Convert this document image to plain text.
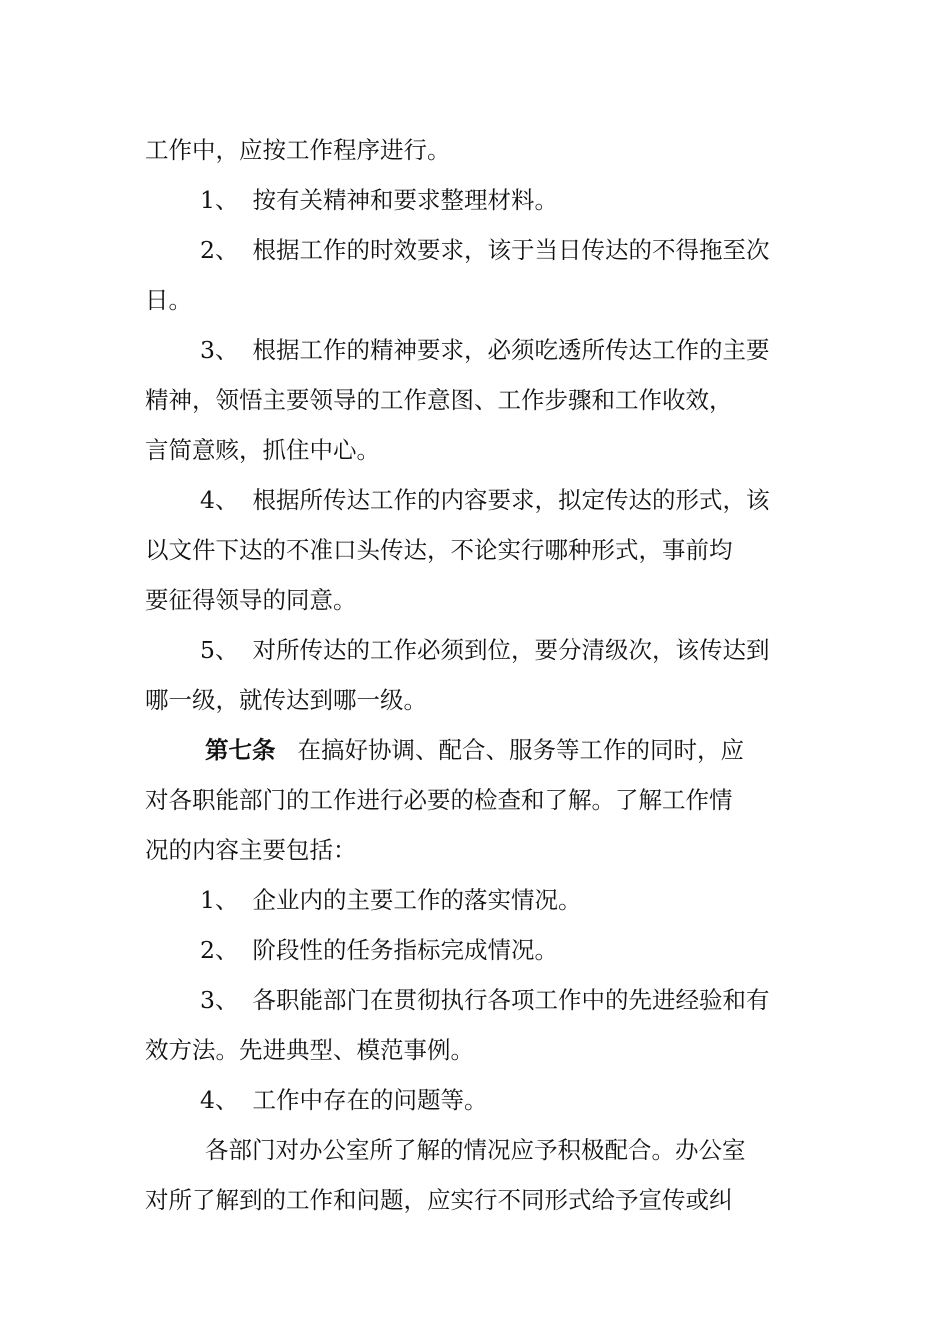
工作中，应按工作程序进行。
1、 按有关精神和要求整理材料。
2、 根据工作的时效要求，该于当日传达的不得拖至次
日。
3、 根据工作的精神要求，必须吃透所传达工作的主要
精神，领悟主要领导的工作意图、工作步骤和工作收效，
言简意赅，抓住中心。
4、 根据所传达工作的内容要求，拟定传达的形式，该
以文件下达的不准口头传达，不论实行哪种形式，事前均
要征得领导的同意。
5、 对所传达的工作必须到位，要分清级次，该传达到
哪一级，就传达到哪一级。
第七条 在搞好协调、配合、服务等工作的同时，应
对各职能部门的工作进行必要的检查和了解。了解工作情
况的内容主要包括：
1、 企业内的主要工作的落实情况。
2、 阶段性的任务指标完成情况。
3、 各职能部门在贯彻执行各项工作中的先进经验和有
效方法。先进典型、模范事例。
4、 工作中存在的问题等。
各部门对办公室所了解的情况应予积极配合。办公室
对所了解到的工作和问题，应实行不同形式给予宣传或纠
